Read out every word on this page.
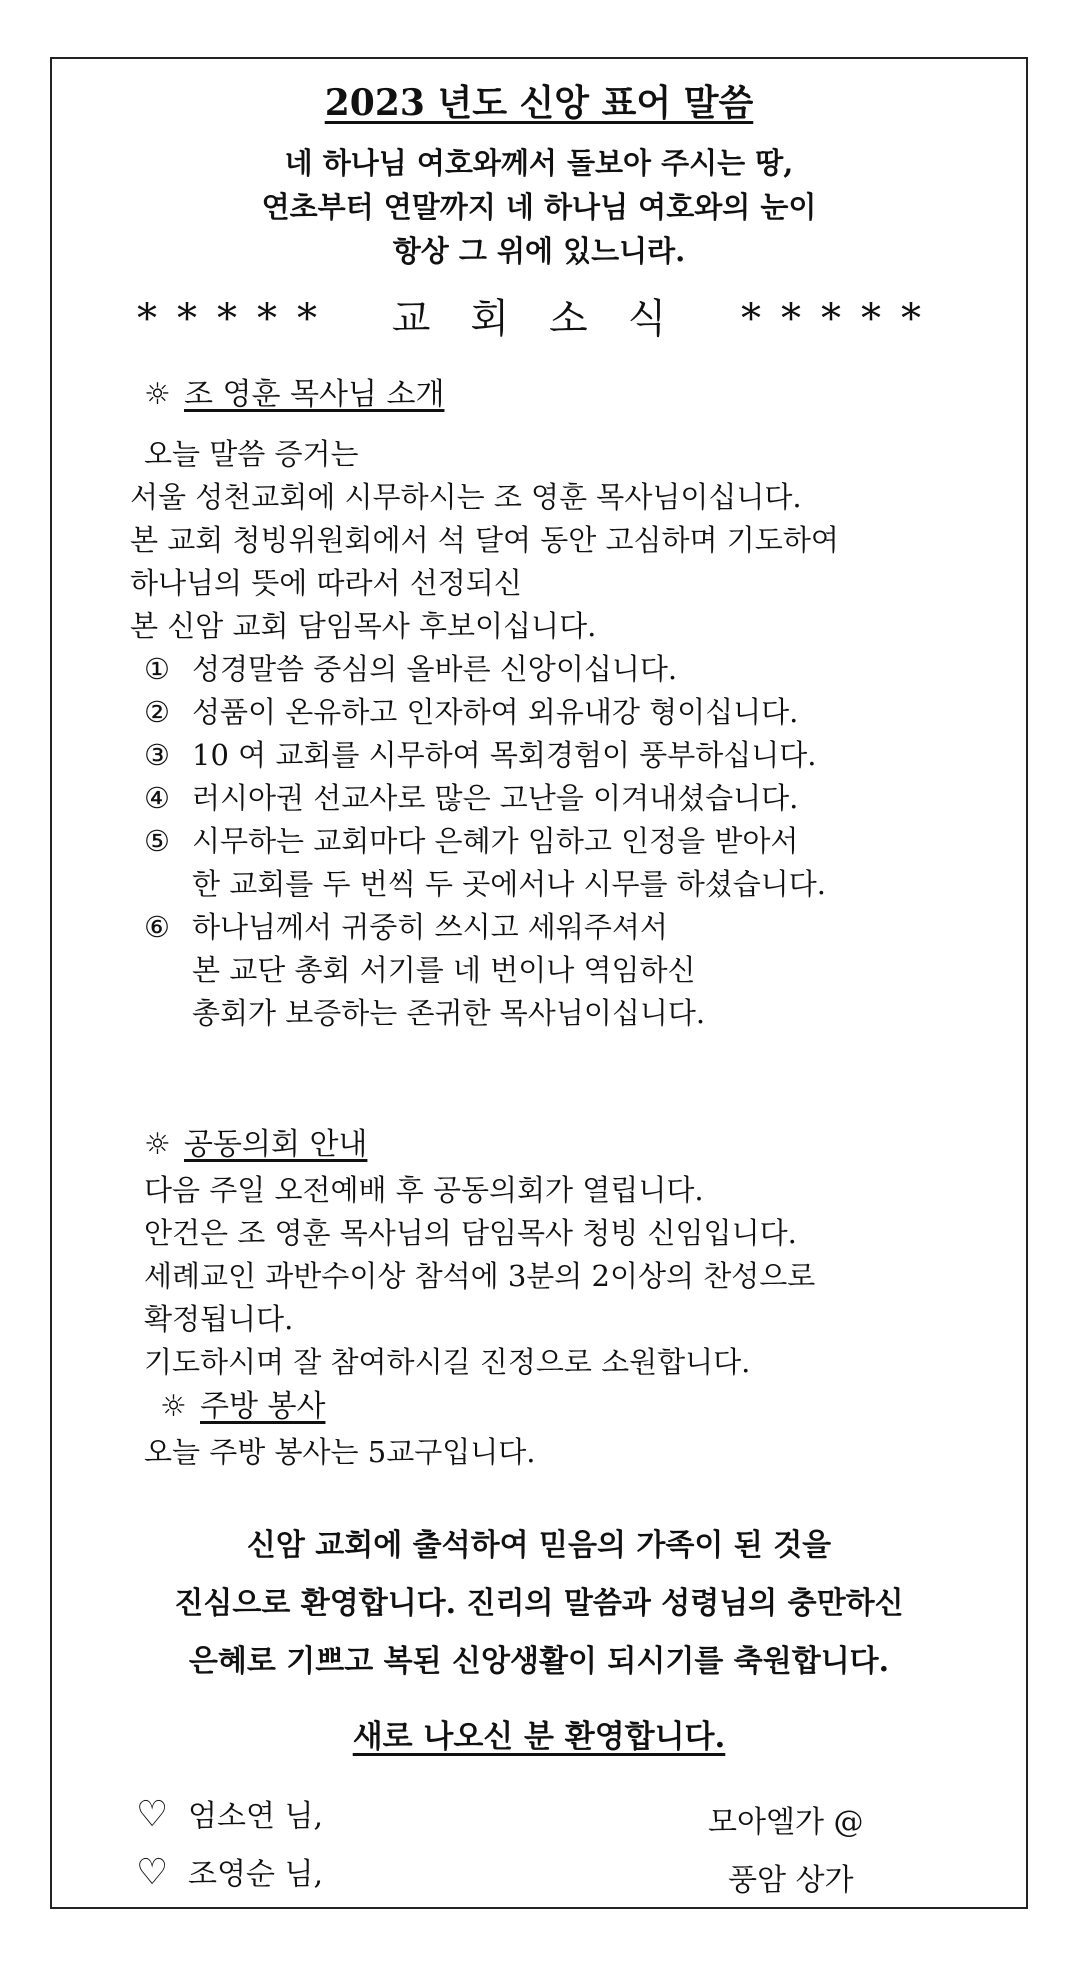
2023 년도 신앙 표어 말씀
네 하나님 여호와께서 돌보아 주시는 땅,
연초부터 연말까지 네 하나님 여호와의 눈이
항상 그 위에 있느니라.
***** 교회소식 *****
☼ 조 영훈 목사님 소개
오늘 말씀 증거는
서울 성천교회에 시무하시는 조 영훈 목사님이십니다.
본 교회 청빙위원회에서 석 달여 동안 고심하며 기도하여
하나님의 뜻에 따라서 선정되신
본 신암 교회 담임목사 후보이십니다.
① 성경말씀 중심의 올바른 신앙이십니다.
② 성품이 온유하고 인자하여 외유내강 형이십니다.
③ 10 여 교회를 시무하여 목회경험이 풍부하십니다.
④ 러시아권 선교사로 많은 고난을 이겨내셨습니다.
⑤ 시무하는 교회마다 은혜가 임하고 인정을 받아서
한 교회를 두 번씩 두 곳에서나 시무를 하셨습니다.
⑥ 하나님께서 귀중히 쓰시고 세워주셔서
본 교단 총회 서기를 네 번이나 역임하신
총회가 보증하는 존귀한 목사님이십니다.
☼ 공동의회 안내
다음 주일 오전예배 후 공동의회가 열립니다.
안건은 조 영훈 목사님의 담임목사 청빙 신임입니다.
세례교인 과반수이상 참석에 3분의 2이상의 찬성으로
확정됩니다.
기도하시며 잘 참여하시길 진정으로 소원합니다.
☼ 주방 봉사
오늘 주방 봉사는 5교구입니다.
신암 교회에 출석하여 믿음의 가족이 된 것을
진심으로 환영합니다. 진리의 말씀과 성령님의 충만하신
은혜로 기쁘고 복된 신앙생활이 되시기를 축원합니다.
새로 나오신 분 환영합니다.
♡ 엄소연 님,	모아엘가 @
♡ 조영순 님,	풍암 상가
